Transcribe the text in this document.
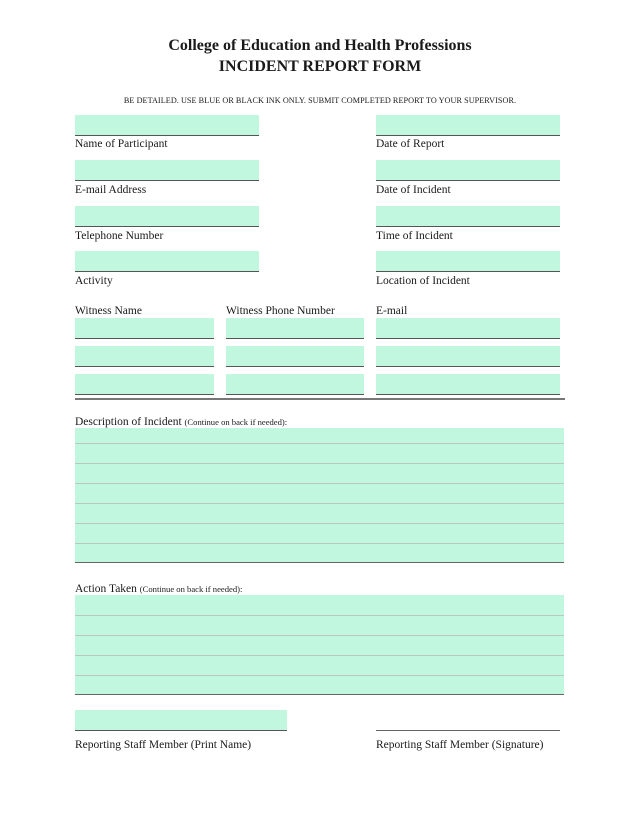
College of Education and Health Professions
INCIDENT REPORT FORM
BE DETAILED. USE BLUE OR BLACK INK ONLY. SUBMIT COMPLETED REPORT TO YOUR SUPERVISOR.
Name of Participant
E-mail Address
Telephone Number
Activity
Date of Report
Date of Incident
Time of Incident
Location of Incident
Witness Name	Witness Phone Number	E-mail
Description of Incident (Continue on back if needed):
Action Taken (Continue on back if needed):
Reporting Staff Member (Print Name)	Reporting Staff Member (Signature)
